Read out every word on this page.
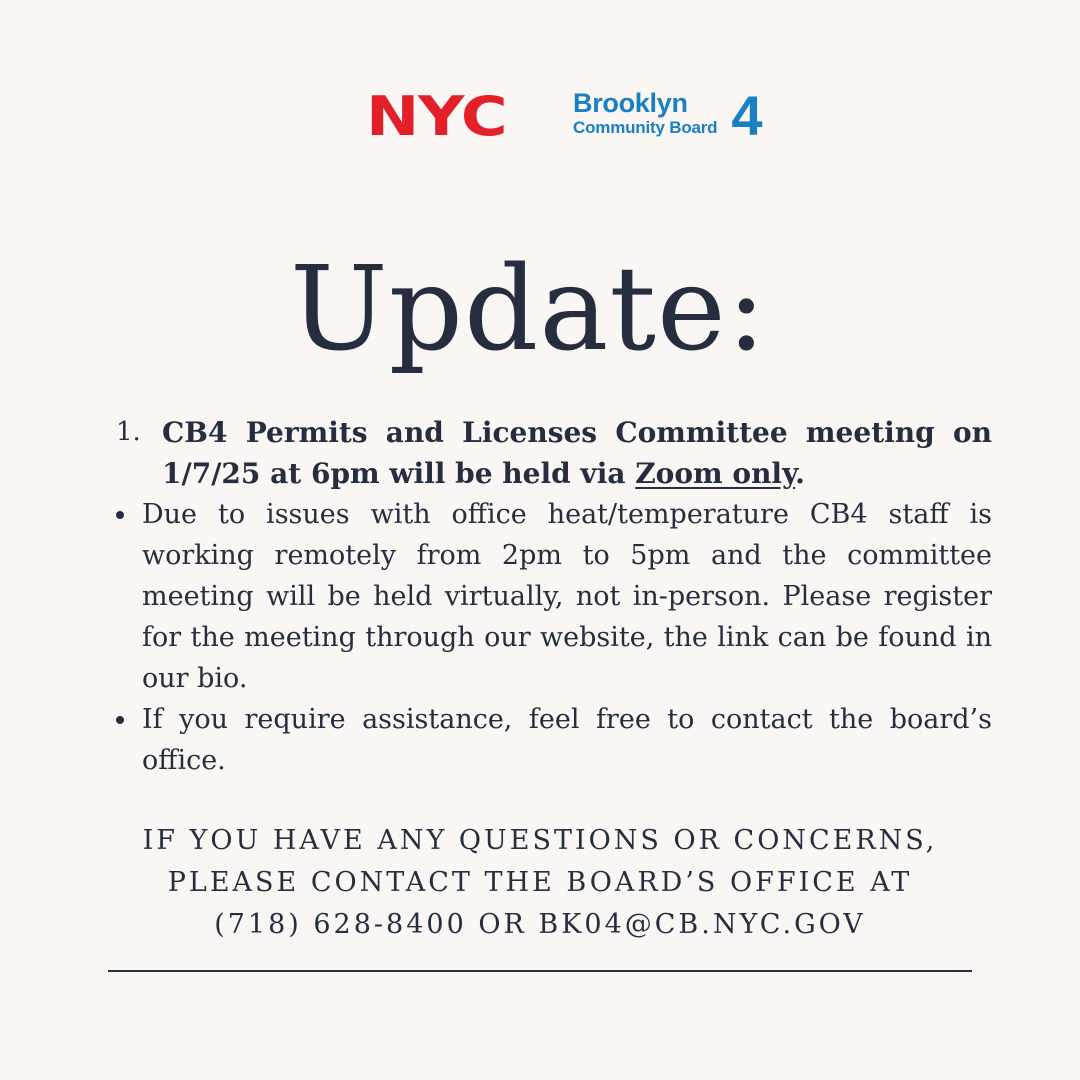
NYC Brooklyn
Community Board 4
Update:
1. CB4 Permits and Licenses Committee meeting on 1/7/25 at 6pm will be held via Zoom only.
Due to issues with office heat/temperature CB4 staff is working remotely from 2pm to 5pm and the committee meeting will be held virtually, not in-person. Please register for the meeting through our website, the link can be found in our bio.
If you require assistance, feel free to contact the board’s office.
IF YOU HAVE ANY QUESTIONS OR CONCERNS,
PLEASE CONTACT THE BOARD’S OFFICE AT
(718) 628-8400 OR BK04@CB.NYC.GOV
